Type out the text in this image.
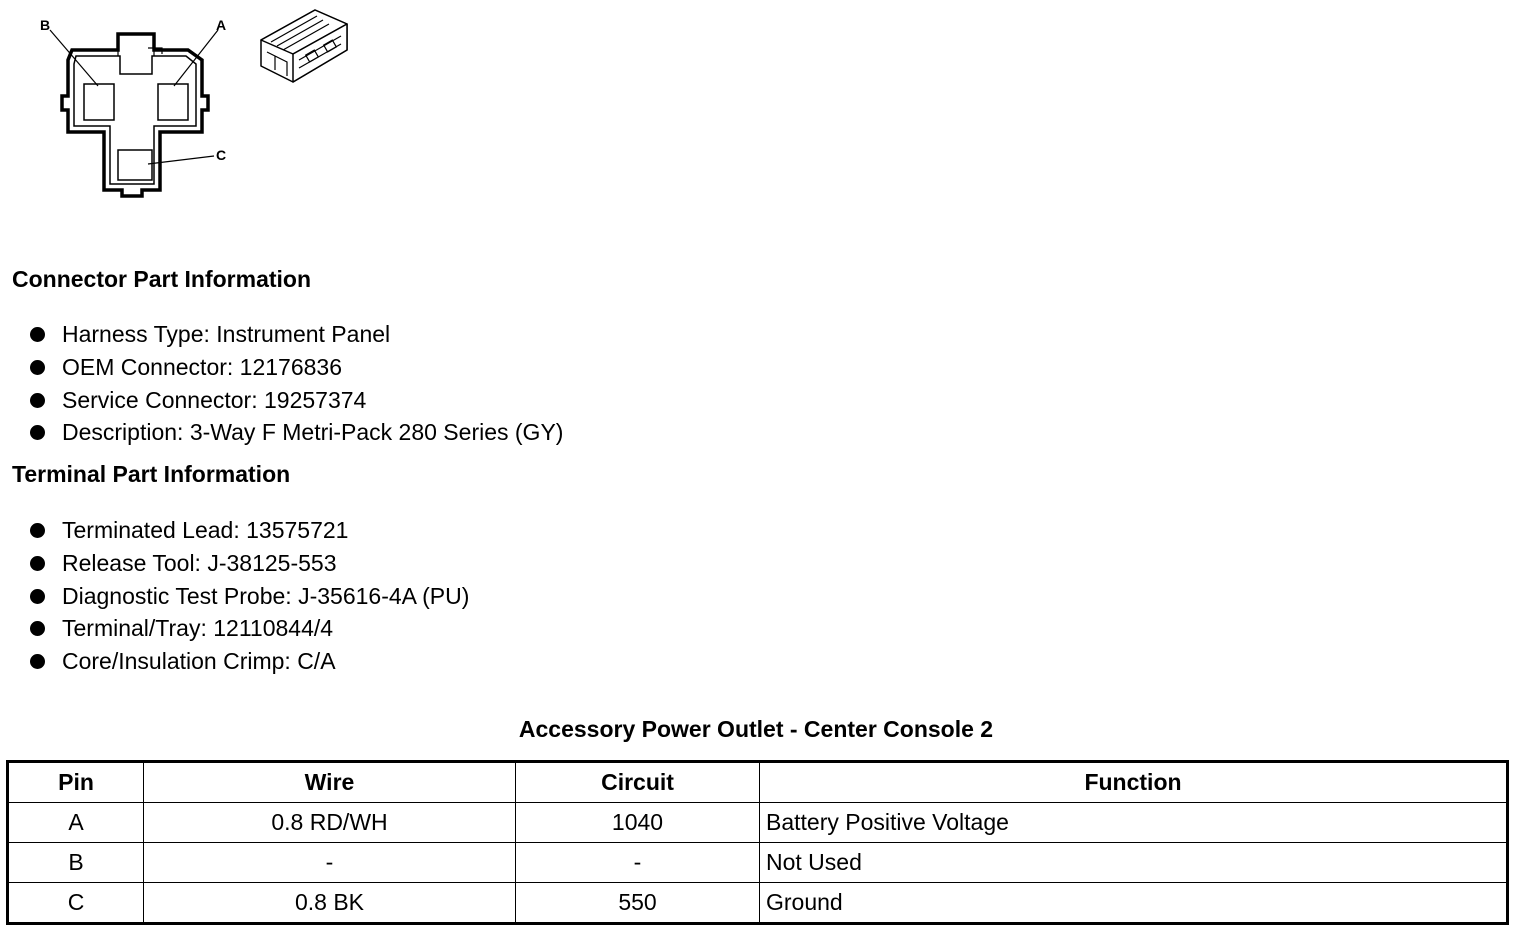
B	A
C
Connector Part Information
Harness Type: Instrument Panel
OEM Connector: 12176836
Service Connector: 19257374
Description: 3-Way F Metri-Pack 280 Series (GY)
Terminal Part Information
Terminated Lead: 13575721
Release Tool: J-38125-553
Diagnostic Test Probe: J-35616-4A (PU)
Terminal/Tray: 12110844/4
Core/Insulation Crimp: C/A
Accessory Power Outlet - Center Console 2
Pin	Wire	Circuit	Function
A	0.8 RD/WH	1040	Battery Positive Voltage
B	-	-	Not Used
C	0.8 BK	550	Ground
